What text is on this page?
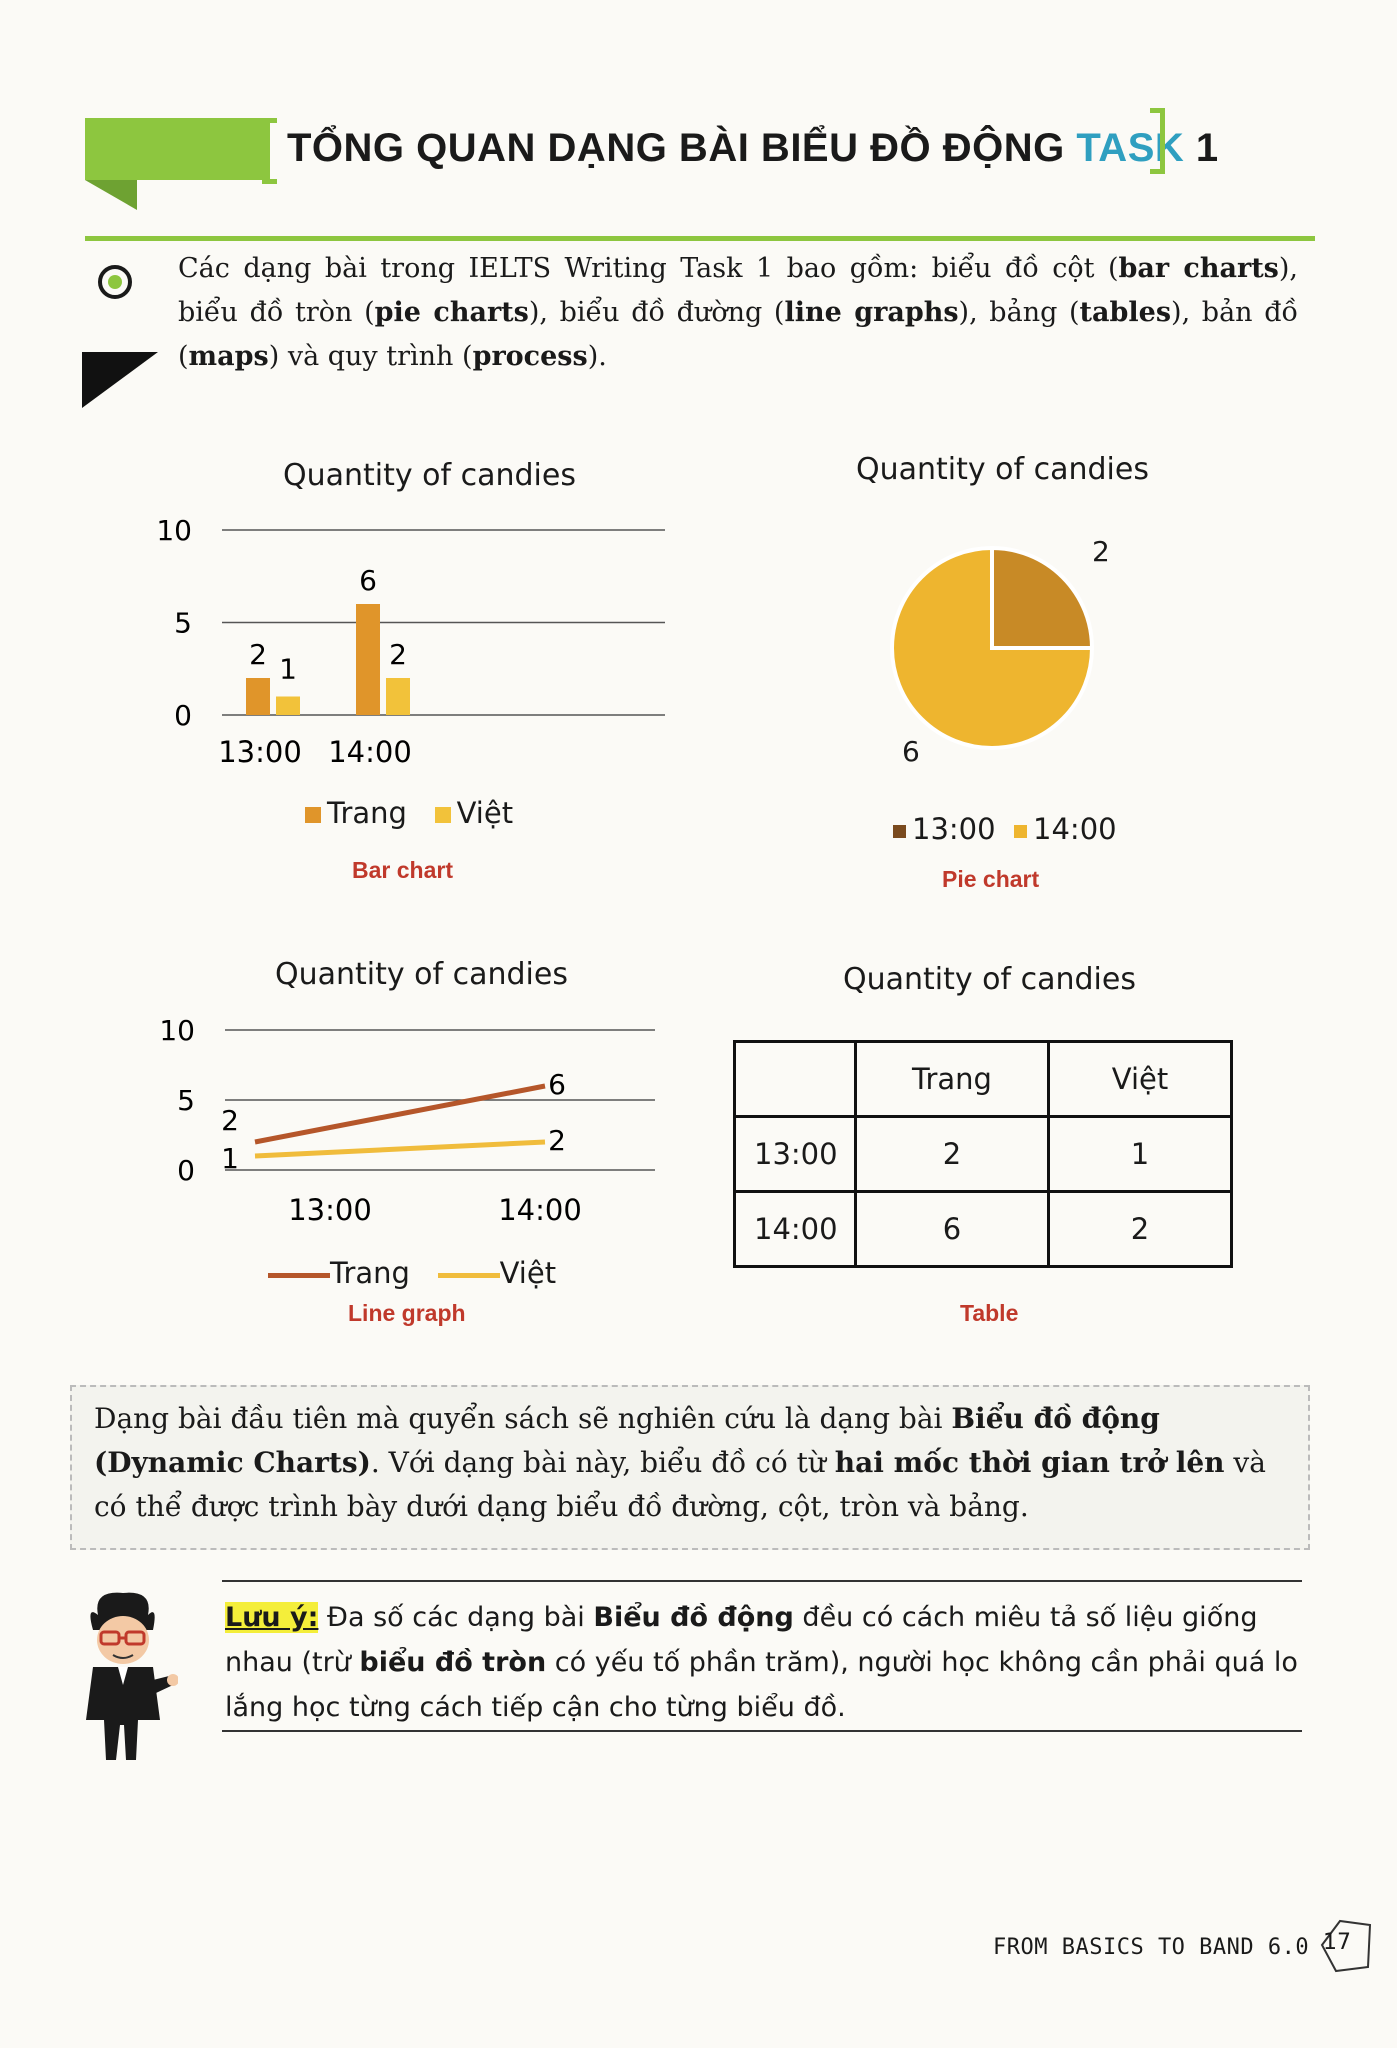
TỔNG QUAN DẠNG BÀI BIỂU ĐỒ ĐỘNG TASK 1
Các dạng bài trong IELTS Writing Task 1 bao gồm: biểu đồ cột (bar charts), biểu đồ tròn (pie charts), biểu đồ đường (line graphs), bảng (tables), bản đồ (maps) và quy trình (process).
Quantity of candies
0
5
10
2 1
13:00
6
2
14:00
Trang Việt
Bar chart
Quantity of candies
2
6
13:00 14:00
Pie chart
Quantity of candies
0
5
10
13:00	14:00
2
6
1
2
Trang	Việt
Line graph
Quantity of candies
	Trang	Việt
13:00	2	1
14:00	6	2
Table
Dạng bài đầu tiên mà quyển sách sẽ nghiên cứu là dạng bài Biểu đồ động (Dynamic Charts). Với dạng bài này, biểu đồ có từ hai mốc thời gian trở lên và có thể được trình bày dưới dạng biểu đồ đường, cột, tròn và bảng.
Lưu ý: Đa số các dạng bài Biểu đồ động đều có cách miêu tả số liệu giống nhau (trừ biểu đồ tròn có yếu tố phần trăm), người học không cần phải quá lo lắng học từng cách tiếp cận cho từng biểu đồ.
FROM BASICS TO BAND 6.0 17
